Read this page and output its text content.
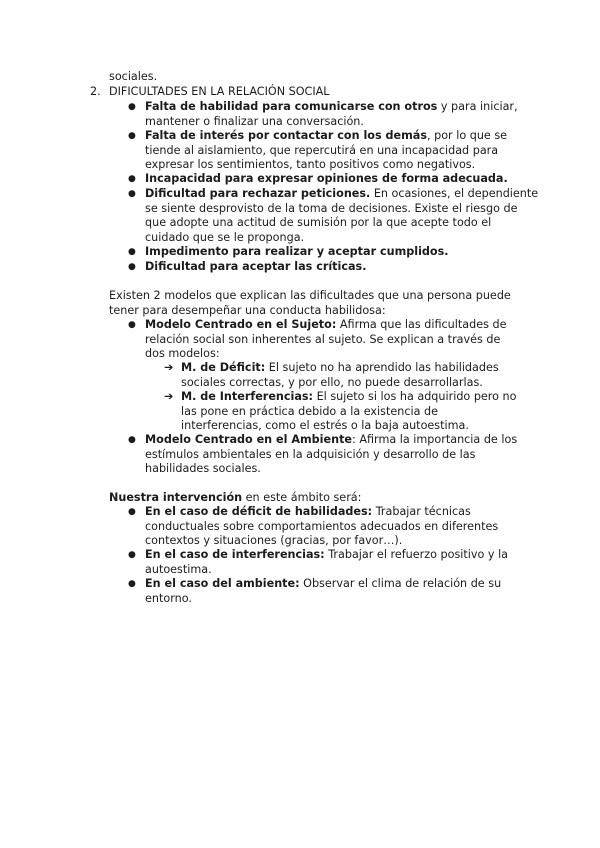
sociales.
2. DIFICULTADES EN LA RELACIÓN SOCIAL
● Falta de habilidad para comunicarse con otros y para iniciar,
mantener o finalizar una conversación.
● Falta de interés por contactar con los demás, por lo que se
tiende al aislamiento, que repercutirá en una incapacidad para
expresar los sentimientos, tanto positivos como negativos.
● Incapacidad para expresar opiniones de forma adecuada.
● Dificultad para rechazar peticiones. En ocasiones, el dependiente
se siente desprovisto de la toma de decisiones. Existe el riesgo de
que adopte una actitud de sumisión por la que acepte todo el
cuidado que se le proponga.
● Impedimento para realizar y aceptar cumplidos.
● Dificultad para aceptar las críticas.
Existen 2 modelos que explican las dificultades que una persona puede
tener para desempeñar una conducta habilidosa:
● Modelo Centrado en el Sujeto: Afirma que las dificultades de
relación social son inherentes al sujeto. Se explican a través de
dos modelos:
➔ M. de Déficit: El sujeto no ha aprendido las habilidades
sociales correctas, y por ello, no puede desarrollarlas.
➔ M. de Interferencias: El sujeto si los ha adquirido pero no
las pone en práctica debido a la existencia de
interferencias, como el estrés o la baja autoestima.
● Modelo Centrado en el Ambiente: Afirma la importancia de los
estímulos ambientales en la adquisición y desarrollo de las
habilidades sociales.
Nuestra intervención en este ámbito será:
● En el caso de déficit de habilidades: Trabajar técnicas
conductuales sobre comportamientos adecuados en diferentes
contextos y situaciones (gracias, por favor…).
● En el caso de interferencias: Trabajar el refuerzo positivo y la
autoestima.
● En el caso del ambiente: Observar el clima de relación de su
entorno.
